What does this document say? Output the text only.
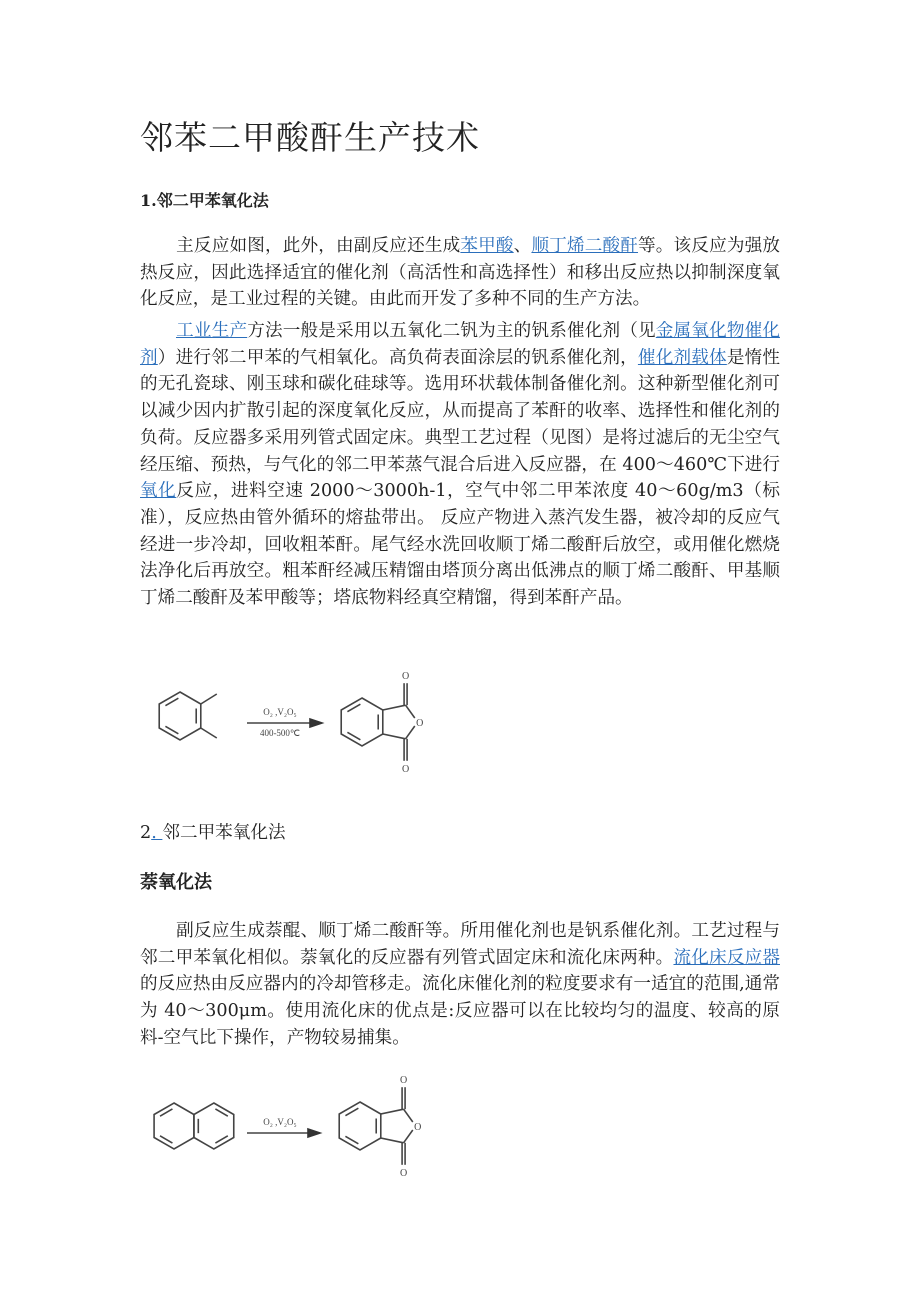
邻苯二甲酸酐生产技术
1.邻二甲苯氧化法

主反应如图，此外，由副反应还生成苯甲酸、顺丁烯二酸酐等。该反应为强放热反应，因此选择适宜的催化剂（高活性和高选择性）和移出反应热以抑制深度氧化反应，是工业过程的关键。由此而开发了多种不同的生产方法。

工业生产方法一般是采用以五氧化二钒为主的钒系催化剂（见金属氧化物催化剂）进行邻二甲苯的气相氧化。高负荷表面涂层的钒系催化剂，催化剂载体是惰性的无孔瓷球、刚玉球和碳化硅球等。选用环状载体制备催化剂。这种新型催化剂可以减少因内扩散引起的深度氧化反应，从而提高了苯酐的收率、选择性和催化剂的负荷。反应器多采用列管式固定床。典型工艺过程（见图）是将过滤后的无尘空气经压缩、预热，与气化的邻二甲苯蒸气混合后进入反应器，在 400～460℃下进行氧化反应，进料空速 2000～3000h-1，空气中邻二甲苯浓度 40～60g/m3（标准），反应热由管外循环的熔盐带出。 反应产物进入蒸汽发生器，被冷却的反应气经进一步冷却，回收粗苯酐。尾气经水洗回收顺丁烯二酸酐后放空，或用催化燃烧法净化后再放空。粗苯酐经减压精馏由塔顶分离出低沸点的顺丁烯二酸酐、甲基顺丁烯二酸酐及苯甲酸等；塔底物料经真空精馏，得到苯酐产品。

O₂ ,V₂O₅
400-500℃
O
O
O
2. 邻二甲苯氧化法
萘氧化法

副反应生成萘醌、顺丁烯二酸酐等。所用催化剂也是钒系催化剂。工艺过程与邻二甲苯氧化相似。萘氧化的反应器有列管式固定床和流化床两种。流化床反应器的反应热由反应器内的冷却管移走。流化床催化剂的粒度要求有一适宜的范围,通常为 40～300μm。使用流化床的优点是:反应器可以在比较均匀的温度、较高的原料-空气比下操作，产物较易捕集。

O₂ ,V₂O₅	O
O
O
